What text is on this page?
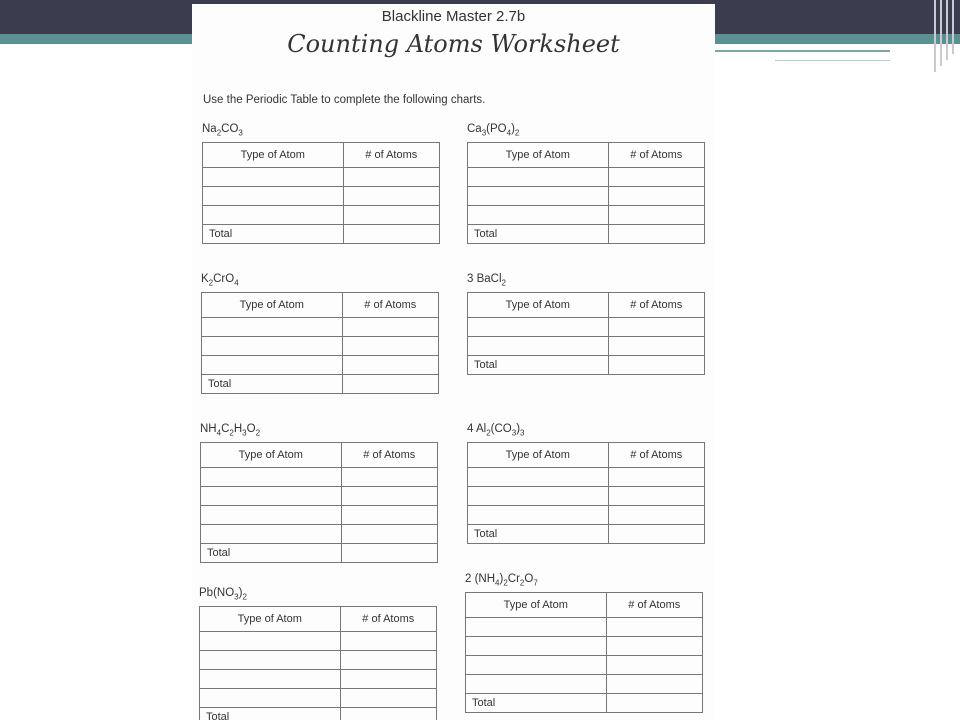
Blackline Master 2.7b
Counting Atoms Worksheet
Use the Periodic Table to complete the following charts.
$Na_2CO_3$
Type of Atom	# of Atoms

Total	
$Ca_3(PO_4)_2$
Type of Atom	# of Atoms

Total	
$K_2CrO_4$
Type of Atom	# of Atoms

Total	
3 BaCl$_2$
Type of Atom	# of Atoms

Total	
$NH_4C_2H_3O_2$
Type of Atom	# of Atoms

Total	
4 $Al_2(CO_3)_3$
Type of Atom	# of Atoms

Total	
$Pb(NO_3)_2$
Type of Atom	# of Atoms

Total	
2 $(NH_4)_2Cr_2O_7$
Type of Atom	# of Atoms

Total	
